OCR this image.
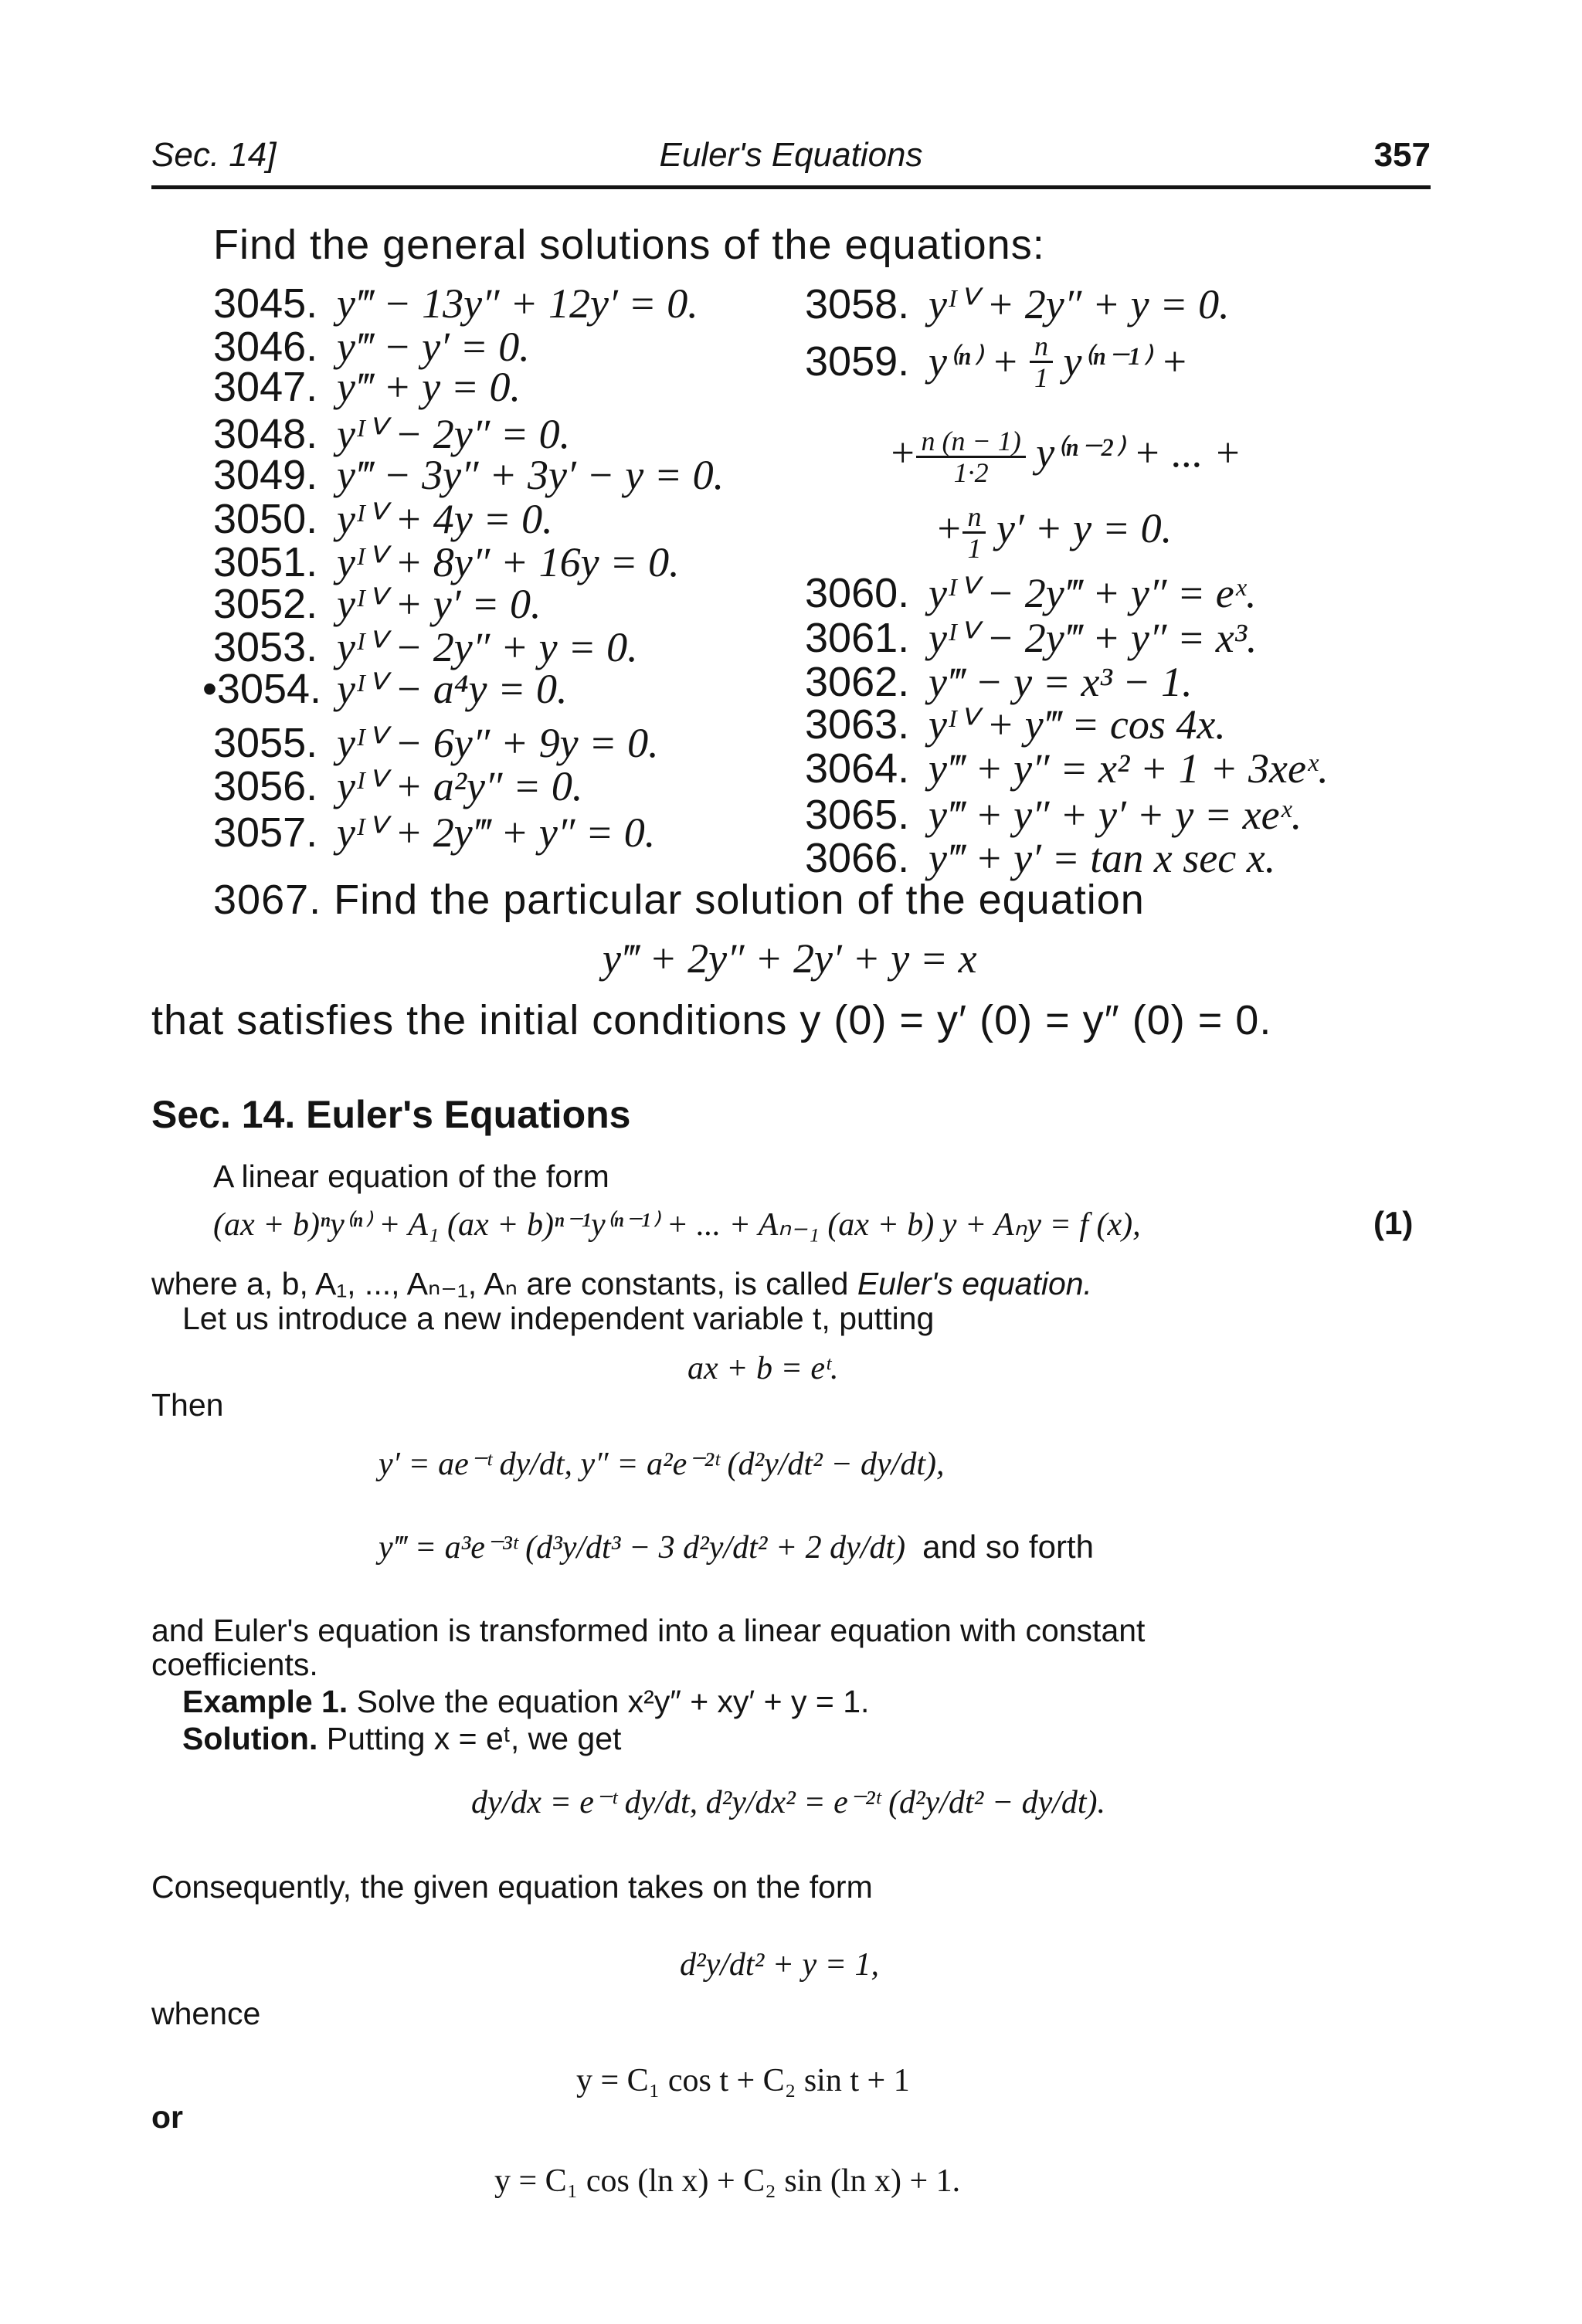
Sec. 14]	Euler's Equations	357
Find the general solutions of the equations:
3045. y‴ − 13y″ + 12y′ = 0.
3046. y‴ − y′ = 0.
3047. y‴ + y = 0.
3048. yᴵⱽ − 2y″ = 0.
3049. y‴ − 3y″ + 3y′ − y = 0.
3050. yᴵⱽ + 4y = 0.
3051. yᴵⱽ + 8y″ + 16y = 0.
3052. yᴵⱽ + y′ = 0.
3053. yᴵⱽ − 2y″ + y = 0.
•3054. yᴵⱽ − a⁴y = 0.
3055. yᴵⱽ − 6y″ + 9y = 0.
3056. yᴵⱽ + a²y″ = 0.
3057. yᴵⱽ + 2y‴ + y″ = 0.
3058. yᴵⱽ + 2y″ + y = 0.
3059. $y^{(n)} + \frac{n}{1} y^{(n-1)}$ +
+ $\frac{n (n - 1)}{1\cdot 2} y^{(n-2)}$ + ... +
+ $\frac{n}{1} y' + y = 0$.
3060. yᴵⱽ − 2y‴ + y″ = eˣ.
3061. yᴵⱽ − 2y‴ + y″ = x³.
3062. y‴ − y = x³ − 1.
3063. yᴵⱽ + y‴ = cos 4x.
3064. y‴ + y″ = x² + 1 + 3xeˣ.
3065. y‴ + y″ + y′ + y = xeˣ.
3066. y‴ + y′ = tan x sec x.
3067. Find the particular solution of the equation
y‴ + 2y″ + 2y′ + y = x
that satisfies the initial conditions y (0) = y′ (0) = y″ (0) = 0.
Sec. 14. Euler's Equations
A linear equation of the form
(ax + b)ⁿy⁽ⁿ⁾ + A₁ (ax + b)ⁿ⁻¹y⁽ⁿ⁻¹⁾ + ... + Aₙ₋₁ (ax + b) y + Aₙy = f (x),	(1)
where a, b, A₁, ..., Aₙ₋₁, Aₙ are constants, is called Euler's equation.
Let us introduce a new independent variable t, putting
ax + b = eᵗ.
Then
y′ = ae⁻ᵗ dy/dt, y″ = a²e⁻²ᵗ (d²y/dt² − dy/dt),
y‴ = a³e⁻³ᵗ (d³y/dt³ − 3 d²y/dt² + 2 dy/dt) and so forth
and Euler's equation is transformed into a linear equation with constant
coefficients.
Example 1. Solve the equation x²y″ + xy′ + y = 1.
Solution. Putting x = eᵗ, we get
dy/dx = e⁻ᵗ dy/dt, d²y/dx² = e⁻²ᵗ (d²y/dt² − dy/dt).
Consequently, the given equation takes on the form
d²y/dt² + y = 1,
whence
y = C₁ cos t + C₂ sin t + 1
or
y = C₁ cos (ln x) + C₂ sin (ln x) + 1.
